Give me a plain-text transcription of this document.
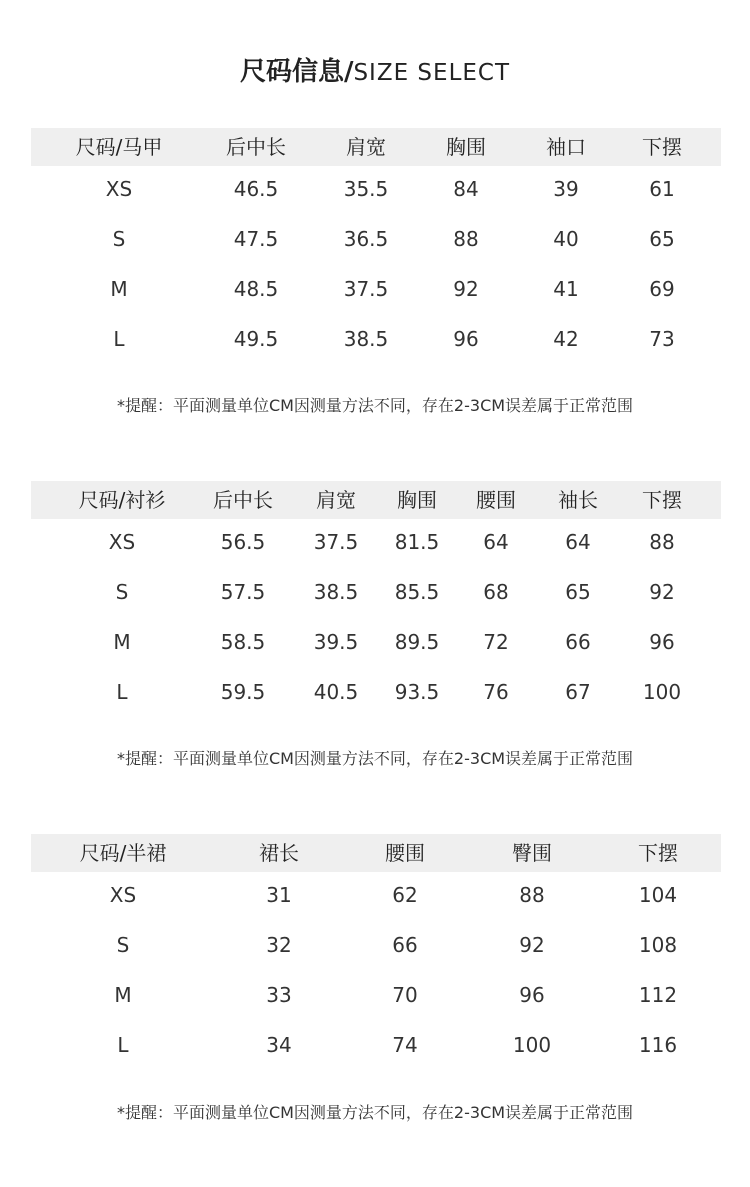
尺码信息/SIZE SELECT
尺码/马甲	后中长	肩宽	胸围	袖口	下摆
XS	46.5	35.5	84	39	61
S	47.5	36.5	88	40	65
M	48.5	37.5	92	41	69
L	49.5	38.5	96	42	73
*提醒：平面测量单位CM因测量方法不同，存在2-3CM误差属于正常范围
尺码/衬衫 后中长 肩宽 胸围 腰围 袖长 下摆
XS	56.5 37.5 81.5 64	64	88
S	57.5 38.5 85.5 68	65	92
M	58.5 39.5 89.5 72	66	96
L	59.5 40.5 93.5 76	67	100
*提醒：平面测量单位CM因测量方法不同，存在2-3CM误差属于正常范围
尺码/半裙	裙长	腰围	臀围	下摆
XS	31	62	88	104
S	32	66	92	108
M	33	70	96	112
L	34	74	100	116
*提醒：平面测量单位CM因测量方法不同，存在2-3CM误差属于正常范围
